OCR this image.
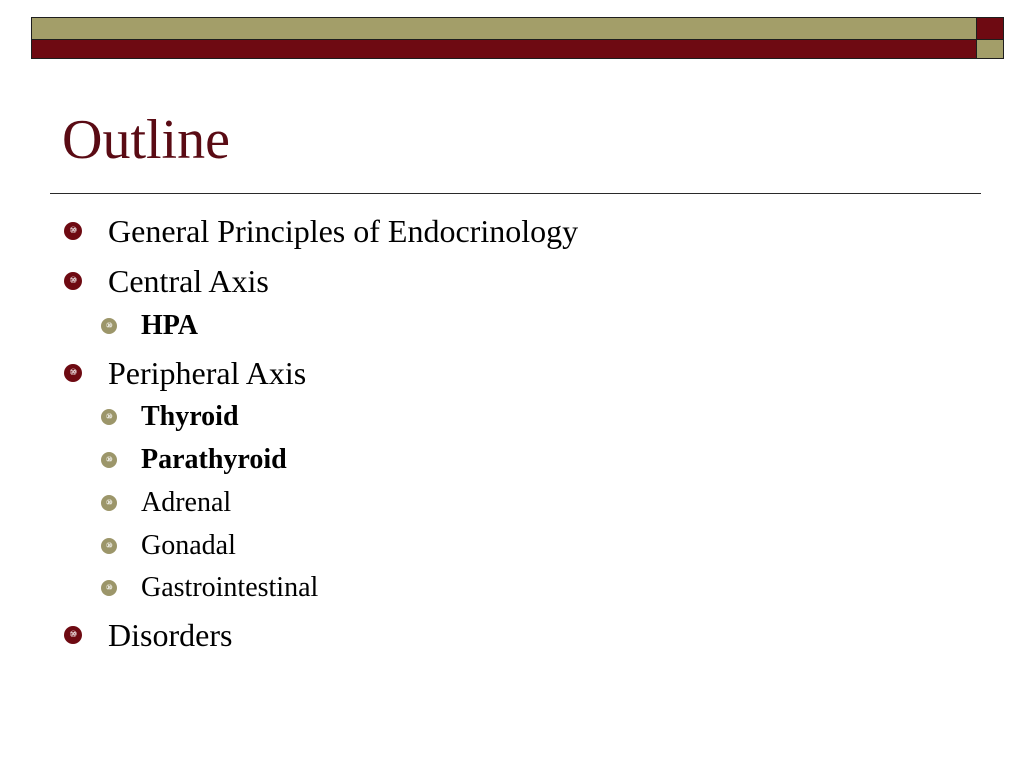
Outline
⑩ General Principles of Endocrinology
⑩ Central Axis
⑩ HPA
⑩ Peripheral Axis
⑩ Thyroid
⑩ Parathyroid
⑩ Adrenal
⑩ Gonadal
⑩ Gastrointestinal
⑩ Disorders
